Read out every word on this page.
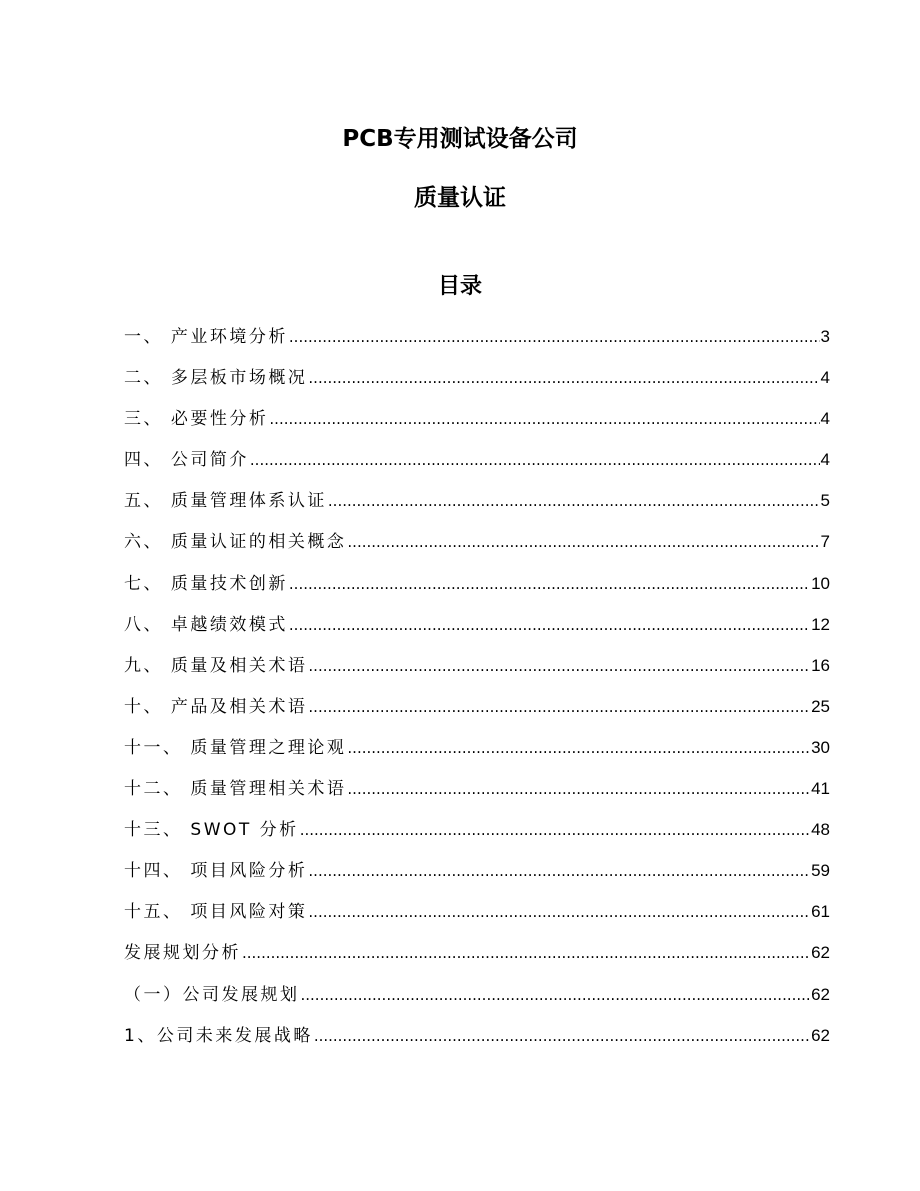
PCB专用测试设备公司
质量认证
目录
一、 产业环境分析 .....	3
二、 多层板市场概况 .....	4
三、 必要性分析 .....	4
四、 公司简介 .....	4
五、 质量管理体系认证 .....	5
六、 质量认证的相关概念 .....	7
七、 质量技术创新 .....	10
八、 卓越绩效模式 .....	12
九、 质量及相关术语 .....	16
十、 产品及相关术语 .....	25
十一、 质量管理之理论观 .....	30
十二、 质量管理相关术语 .....	41
十三、 SWOT 分析 .....	48
十四、 项目风险分析 .....	59
十五、 项目风险对策 .....	61
发展规划分析 .....	62
（一）公司发展规划 .....	62
1、公司未来发展战略 .....	62
